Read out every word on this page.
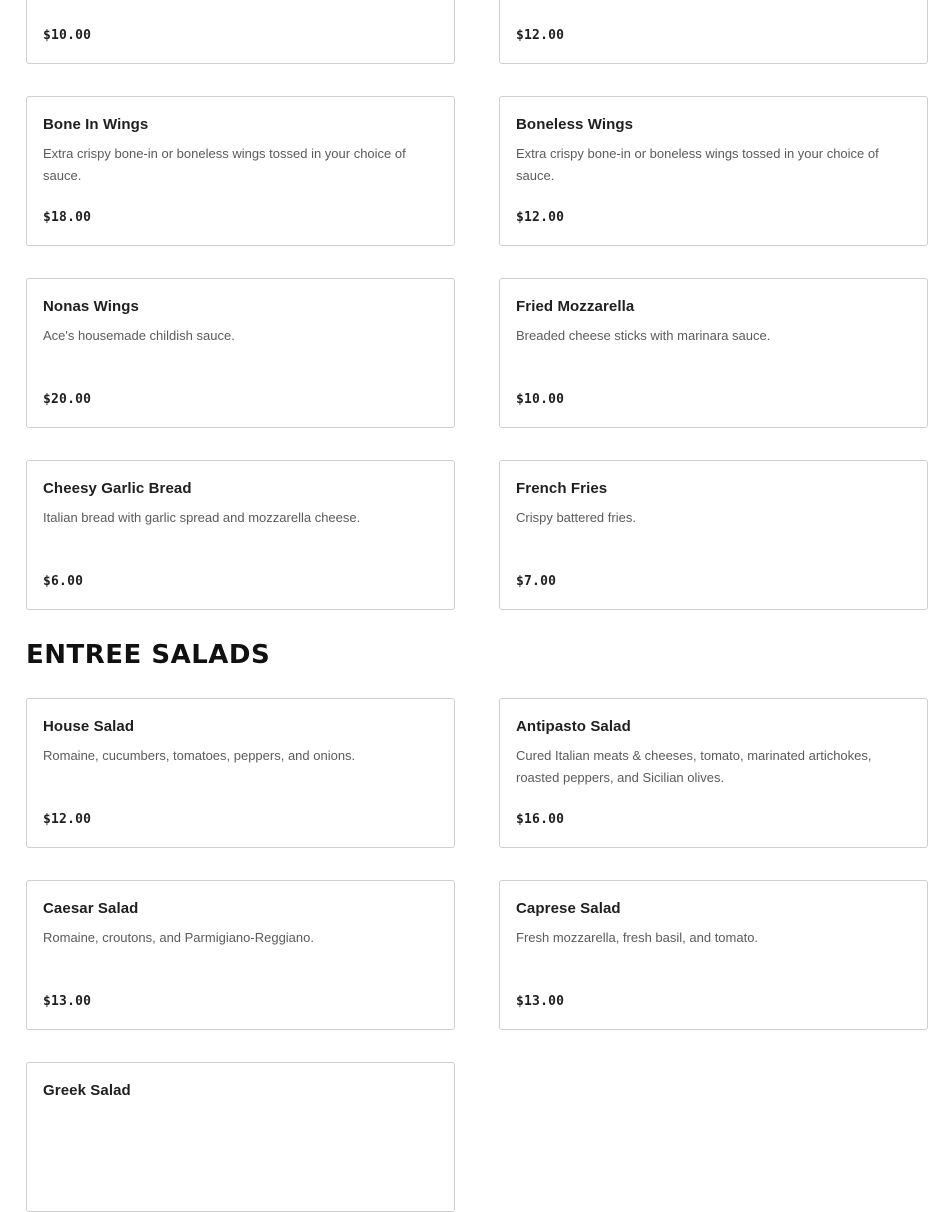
$10.00	$12.00
Bone In Wings
Extra crispy bone-in or boneless wings tossed in your choice of sauce.
$18.00
Boneless Wings
Extra crispy bone-in or boneless wings tossed in your choice of sauce.
$12.00
Nonas Wings
Ace's housemade childish sauce.
$20.00
Fried Mozzarella
Breaded cheese sticks with marinara sauce.
$10.00
Cheesy Garlic Bread
Italian bread with garlic spread and mozzarella cheese.
$6.00
French Fries
Crispy battered fries.
$7.00
ENTREE SALADS
House Salad
Romaine, cucumbers, tomatoes, peppers, and onions.
$12.00
Antipasto Salad
Cured Italian meats & cheeses, tomato, marinated artichokes, roasted peppers, and Sicilian olives.
$16.00
Caesar Salad
Romaine, croutons, and Parmigiano-Reggiano.
$13.00
Caprese Salad
Fresh mozzarella, fresh basil, and tomato.
$13.00
Greek Salad
